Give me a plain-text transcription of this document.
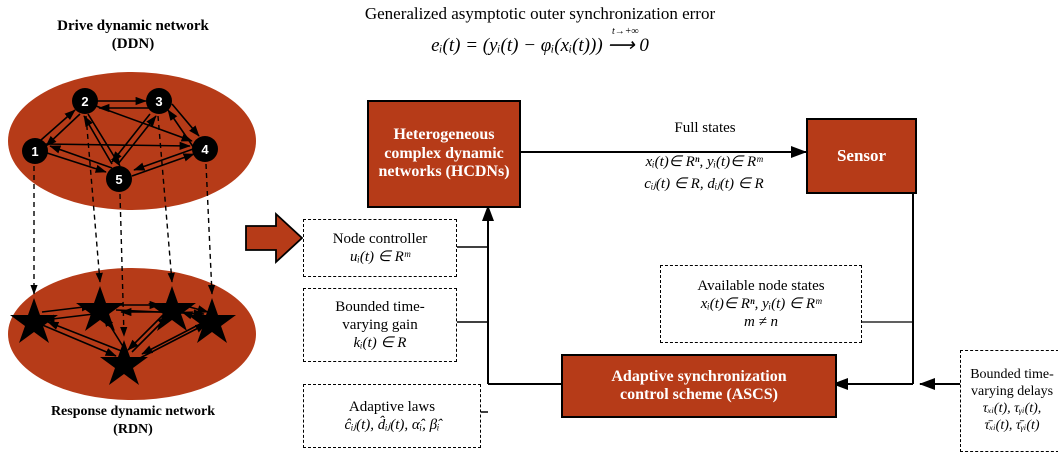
Generalized asymptotic outer synchronization error
eᵢ(t) = (yᵢ(t) − φᵢ(xᵢ(t))) ⟶ 0
t→+∞
Drive dynamic network
(DDN)
2	3
1	4
5
Response dynamic network
(RDN)
Heterogeneous
complex dynamic
networks (HCDNs)
Sensor
Adaptive synchronization
control scheme (ASCS)
Full states
xᵢ(t)∈ Rⁿ, yᵢ(t)∈ Rᵐ
cᵢⱼ(t) ∈ R, dᵢⱼ(t) ∈ R
Available node states
xᵢ(t)∈ Rⁿ, yᵢ(t) ∈ Rᵐ
m ≠ n
Node controller
uᵢ(t) ∈ Rᵐ
Bounded time-
varying gain
kᵢ(t) ∈ R
Adaptive laws
ĉᵢⱼ(t), d̂ᵢⱼ(t), α̂ᵢ, β̂ᵢ
Bounded time-
varying delays
τₓᵢ(t), τᵧᵢ(t),
τ̄ₓᵢ(t), τ̄ᵧᵢ(t)
